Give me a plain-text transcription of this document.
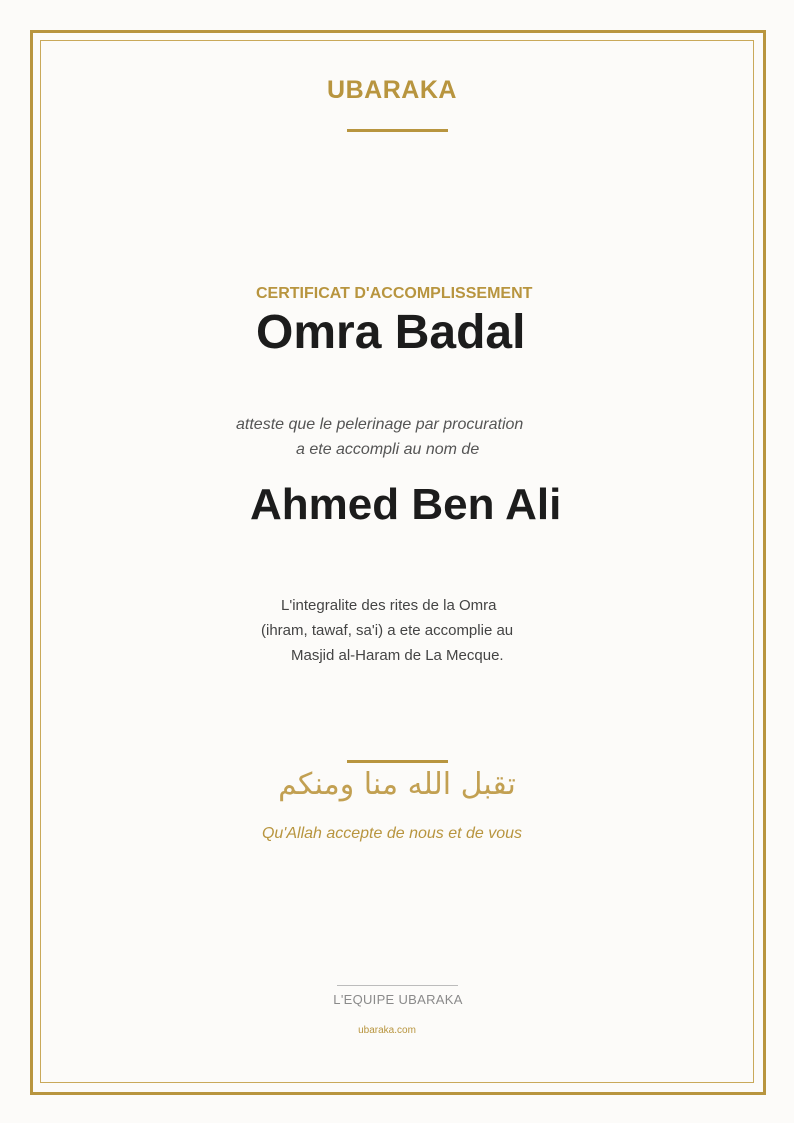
UBARAKA
CERTIFICAT D'ACCOMPLISSEMENT
Omra Badal
atteste que le pelerinage par procuration
a ete accompli au nom de
Ahmed Ben Ali
L'integralite des rites de la Omra
(ihram, tawaf, sa'i) a ete accomplie au
Masjid al-Haram de La Mecque.
تقبل الله منا ومنكم
Qu'Allah accepte de nous et de vous
L'EQUIPE UBARAKA
ubaraka.com
